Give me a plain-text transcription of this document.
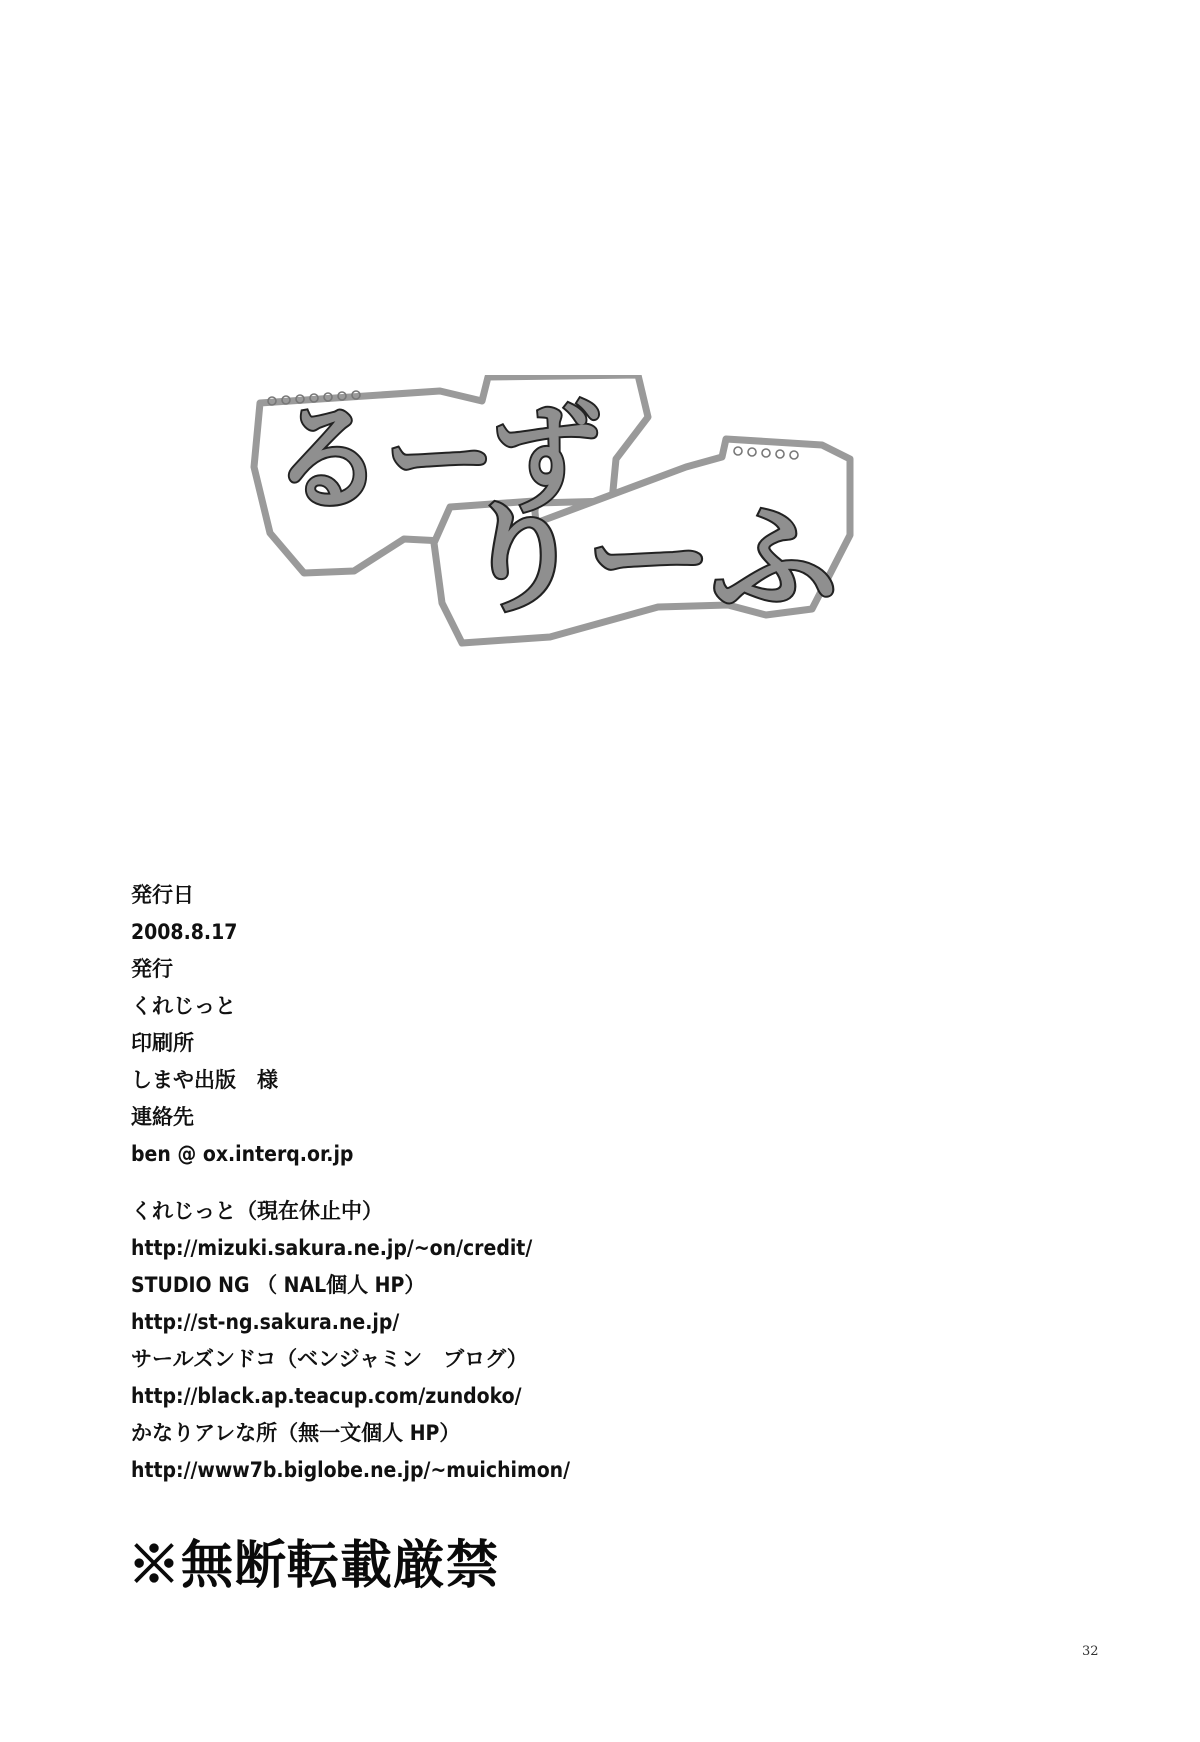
るーず
りーふ
発行日
2008.8.17
発行
くれじっと
印刷所
しまや出版　様
連絡先
ben @ ox.interq.or.jp
くれじっと（現在休止中）
http://mizuki.sakura.ne.jp/~on/credit/
STUDIO NG （ NAL個人 HP）
http://st-ng.sakura.ne.jp/
サールズンドコ（ベンジャミン　ブログ）
http://black.ap.teacup.com/zundoko/
かなりアレな所（無一文個人 HP）
http://www7b.biglobe.ne.jp/~muichimon/
※無断転載厳禁
32
